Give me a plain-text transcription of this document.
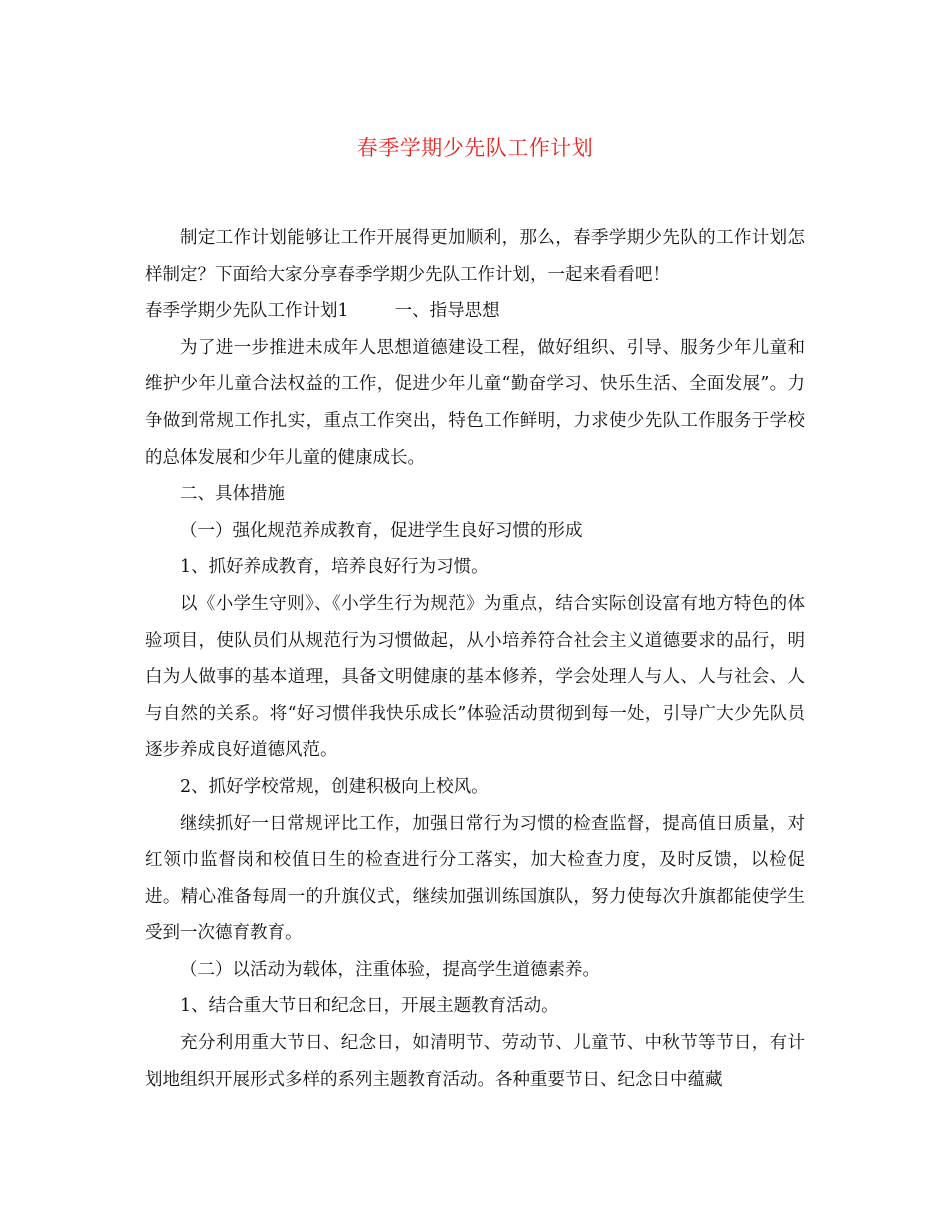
春季学期少先队工作计划

制定工作计划能够让工作开展得更加顺利，那么，春季学期少先队的工作计划怎样制定？下面给大家分享春季学期少先队工作计划，一起来看看吧！

春季学期少先队工作计划1	一、指导思想

为了进一步推进未成年人思想道德建设工程，做好组织、引导、服务少年儿童和维护少年儿童合法权益的工作，促进少年儿童“勤奋学习、快乐生活、全面发展”。力争做到常规工作扎实，重点工作突出，特色工作鲜明，力求使少先队工作服务于学校的总体发展和少年儿童的健康成长。

二、具体措施

（一）强化规范养成教育，促进学生良好习惯的形成

1、抓好养成教育，培养良好行为习惯。

以《小学生守则》、《小学生行为规范》为重点，结合实际创设富有地方特色的体验项目，使队员们从规范行为习惯做起，从小培养符合社会主义道德要求的品行，明白为人做事的基本道理，具备文明健康的基本修养，学会处理人与人、人与社会、人与自然的关系。将“好习惯伴我快乐成长”体验活动贯彻到每一处，引导广大少先队员逐步养成良好道德风范。

2、抓好学校常规，创建积极向上校风。

继续抓好一日常规评比工作，加强日常行为习惯的检查监督，提高值日质量，对红领巾监督岗和校值日生的检查进行分工落实，加大检查力度，及时反馈，以检促进。精心准备每周一的升旗仪式，继续加强训练国旗队，努力使每次升旗都能使学生受到一次德育教育。

（二）以活动为载体，注重体验，提高学生道德素养。

1、结合重大节日和纪念日，开展主题教育活动。

充分利用重大节日、纪念日，如清明节、劳动节、儿童节、中秋节等节日，有计划地组织开展形式多样的系列主题教育活动。各种重要节日、纪念日中蕴藏
